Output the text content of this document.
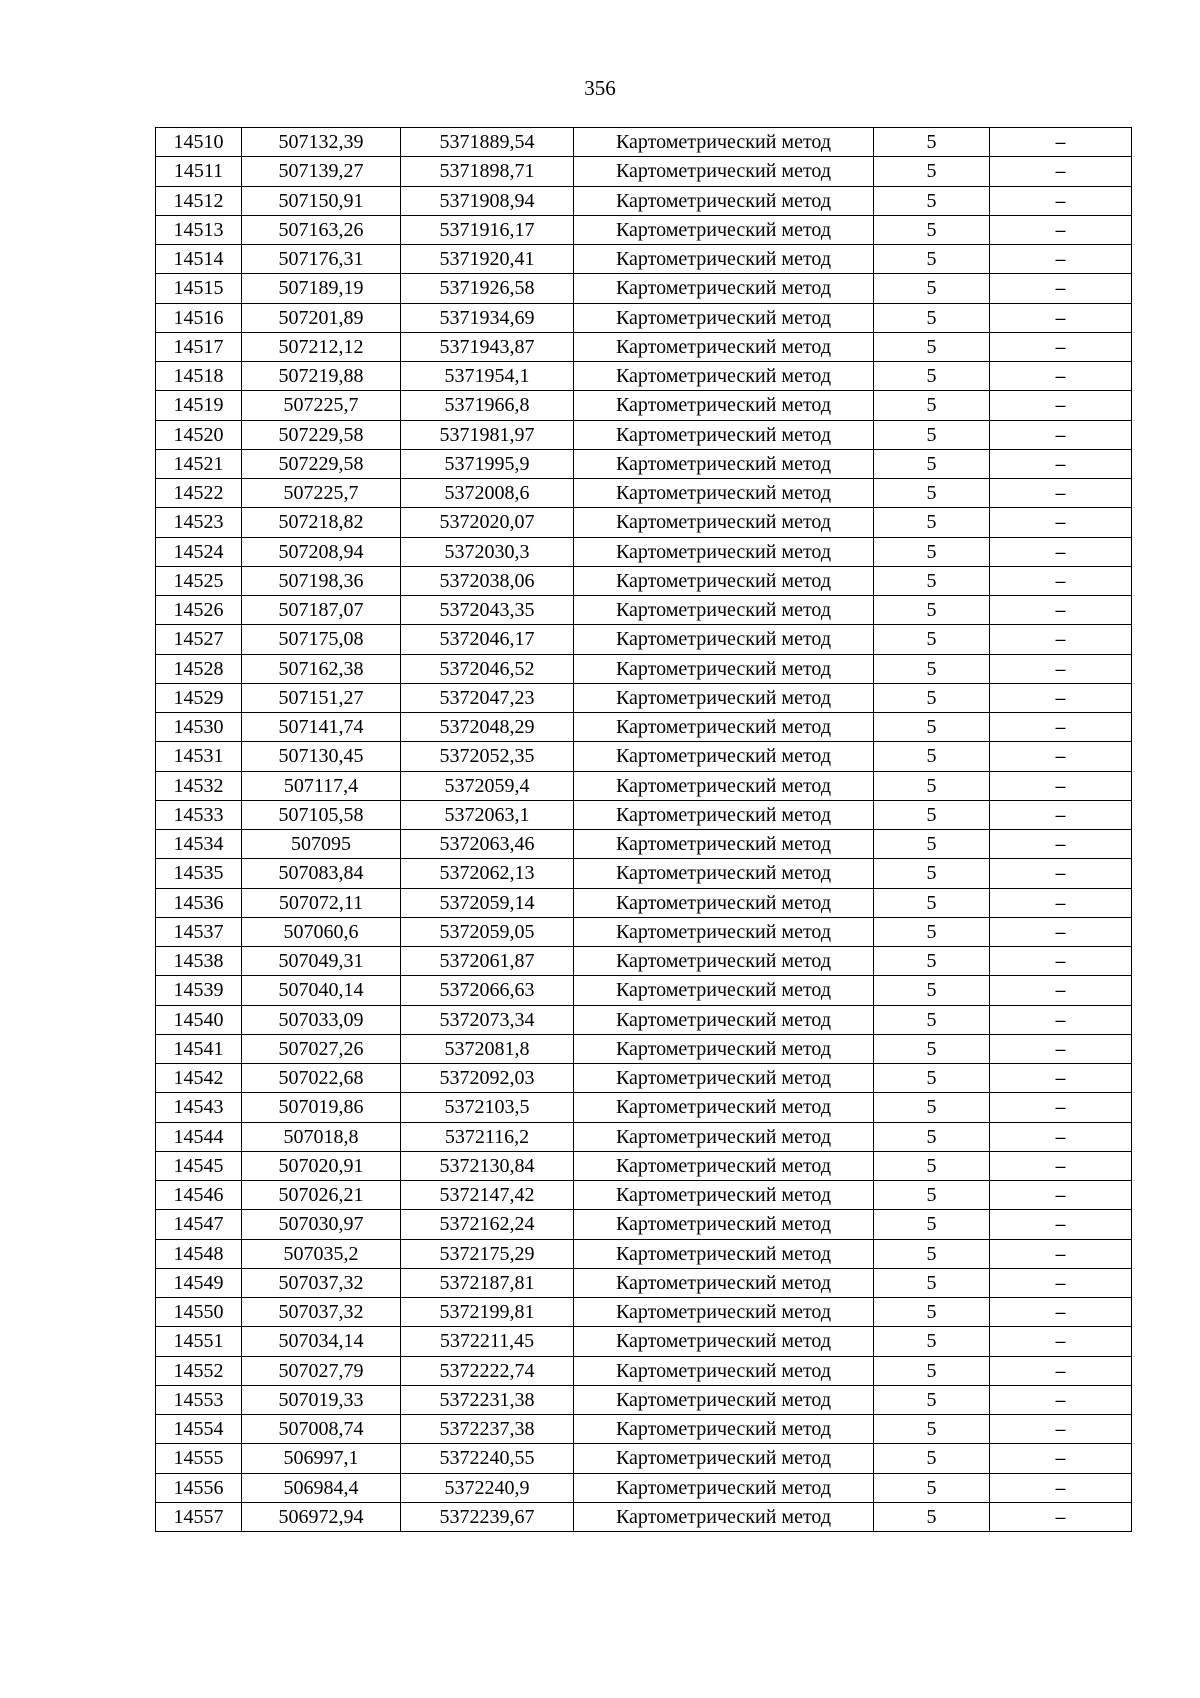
356
14510	507132,39	5371889,54	Картометрический метод	5	–
14511	507139,27	5371898,71	Картометрический метод	5	–
14512	507150,91	5371908,94	Картометрический метод	5	–
14513	507163,26	5371916,17	Картометрический метод	5	–
14514	507176,31	5371920,41	Картометрический метод	5	–
14515	507189,19	5371926,58	Картометрический метод	5	–
14516	507201,89	5371934,69	Картометрический метод	5	–
14517	507212,12	5371943,87	Картометрический метод	5	–
14518	507219,88	5371954,1	Картометрический метод	5	–
14519	507225,7	5371966,8	Картометрический метод	5	–
14520	507229,58	5371981,97	Картометрический метод	5	–
14521	507229,58	5371995,9	Картометрический метод	5	–
14522	507225,7	5372008,6	Картометрический метод	5	–
14523	507218,82	5372020,07	Картометрический метод	5	–
14524	507208,94	5372030,3	Картометрический метод	5	–
14525	507198,36	5372038,06	Картометрический метод	5	–
14526	507187,07	5372043,35	Картометрический метод	5	–
14527	507175,08	5372046,17	Картометрический метод	5	–
14528	507162,38	5372046,52	Картометрический метод	5	–
14529	507151,27	5372047,23	Картометрический метод	5	–
14530	507141,74	5372048,29	Картометрический метод	5	–
14531	507130,45	5372052,35	Картометрический метод	5	–
14532	507117,4	5372059,4	Картометрический метод	5	–
14533	507105,58	5372063,1	Картометрический метод	5	–
14534	507095	5372063,46	Картометрический метод	5	–
14535	507083,84	5372062,13	Картометрический метод	5	–
14536	507072,11	5372059,14	Картометрический метод	5	–
14537	507060,6	5372059,05	Картометрический метод	5	–
14538	507049,31	5372061,87	Картометрический метод	5	–
14539	507040,14	5372066,63	Картометрический метод	5	–
14540	507033,09	5372073,34	Картометрический метод	5	–
14541	507027,26	5372081,8	Картометрический метод	5	–
14542	507022,68	5372092,03	Картометрический метод	5	–
14543	507019,86	5372103,5	Картометрический метод	5	–
14544	507018,8	5372116,2	Картометрический метод	5	–
14545	507020,91	5372130,84	Картометрический метод	5	–
14546	507026,21	5372147,42	Картометрический метод	5	–
14547	507030,97	5372162,24	Картометрический метод	5	–
14548	507035,2	5372175,29	Картометрический метод	5	–
14549	507037,32	5372187,81	Картометрический метод	5	–
14550	507037,32	5372199,81	Картометрический метод	5	–
14551	507034,14	5372211,45	Картометрический метод	5	–
14552	507027,79	5372222,74	Картометрический метод	5	–
14553	507019,33	5372231,38	Картометрический метод	5	–
14554	507008,74	5372237,38	Картометрический метод	5	–
14555	506997,1	5372240,55	Картометрический метод	5	–
14556	506984,4	5372240,9	Картометрический метод	5	–
14557	506972,94	5372239,67	Картометрический метод	5	–
